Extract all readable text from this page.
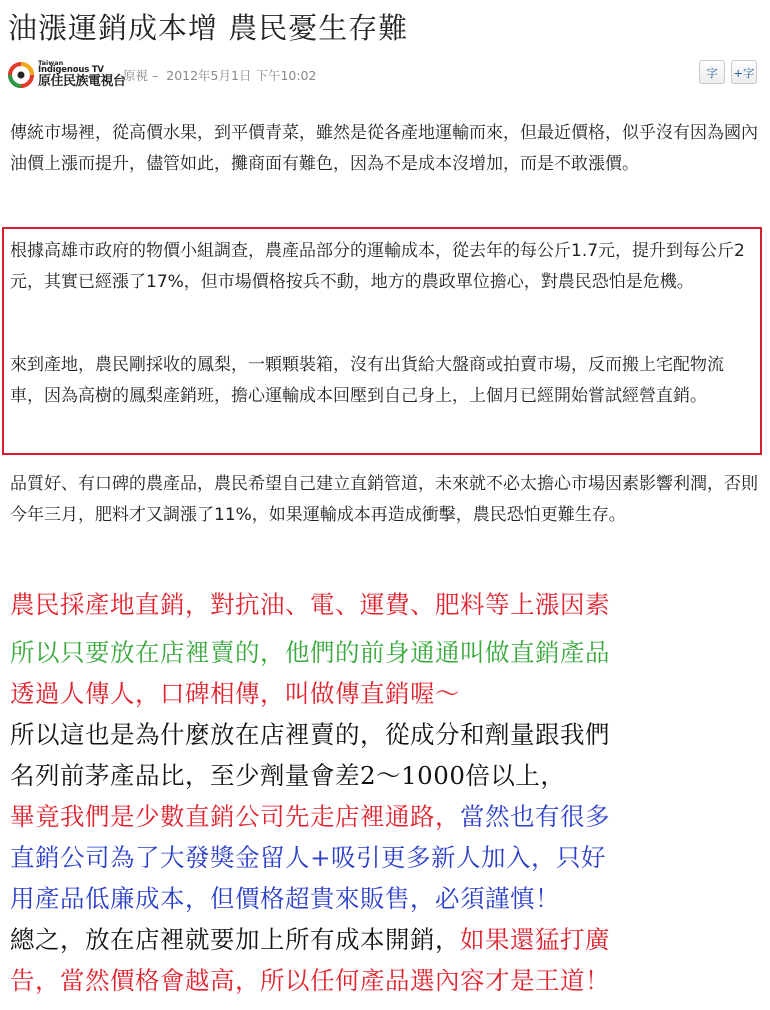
油漲運銷成本增 農民憂生存難
Taiwan
Indigenous TV
原住民族電視台
原視 – 2012年5月1日 下午10:02	字	+字

傳統市場裡，從高價水果，到平價青菜，雖然是從各產地運輸而來，但最近價格，似乎沒有因為國內油價上漲而提升，儘管如此，攤商面有難色，因為不是成本沒增加，而是不敢漲價。

根據高雄市政府的物價小組調查，農產品部分的運輸成本，從去年的每公斤1.7元，提升到每公斤2元，其實已經漲了17%，但市場價格按兵不動，地方的農政單位擔心，對農民恐怕是危機。

來到產地，農民剛採收的鳳梨，一顆顆裝箱，沒有出貨給大盤商或拍賣市場，反而搬上宅配物流車，因為高樹的鳳梨產銷班，擔心運輸成本回壓到自己身上，上個月已經開始嘗試經營直銷。

品質好、有口碑的農產品，農民希望自己建立直銷管道，未來就不必太擔心市場因素影響利潤，否則今年三月，肥料才又調漲了11%，如果運輸成本再造成衝擊，農民恐怕更難生存。

農民採產地直銷，對抗油、電、運費、肥料等上漲因素

所以只要放在店裡賣的，他們的前身通通叫做直銷產品

透過人傳人，口碑相傳，叫做傳直銷喔～

所以這也是為什麼放在店裡賣的，從成分和劑量跟我們

名列前茅產品比，至少劑量會差2～1000倍以上，

畢竟我們是少數直銷公司先走店裡通路，當然也有很多

直銷公司為了大發獎金留人+吸引更多新人加入，只好

用產品低廉成本，但價格超貴來販售，必須謹慎！

總之，放在店裡就要加上所有成本開銷，如果還猛打廣

告，當然價格會越高，所以任何產品選內容才是王道！
